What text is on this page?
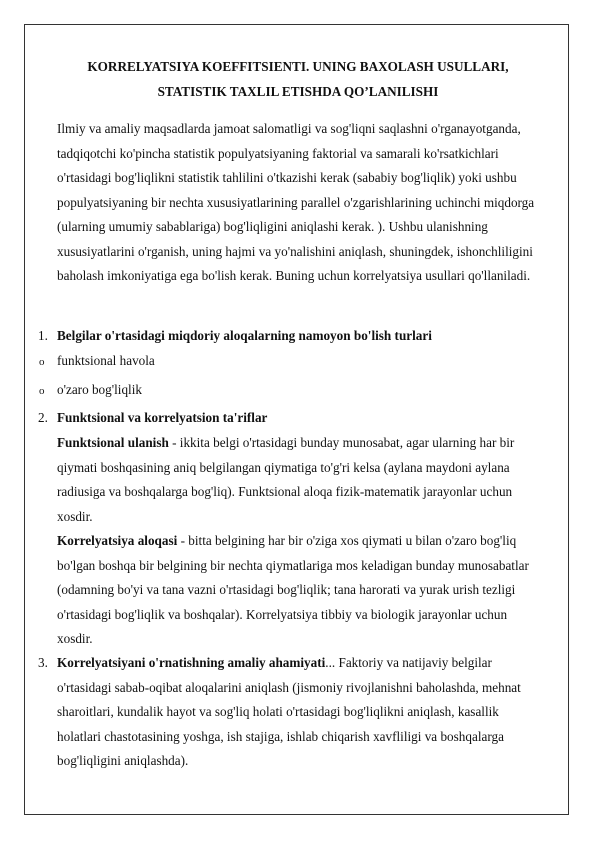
KORRELYATSIYA KOEFFITSIENTI. UNING BAXOLASH USULLARI,
STATISTIK TAXLIL ETISHDA QO’LANILISHI

Ilmiy va amaliy maqsadlarda jamoat salomatligi va sog'liqni saqlashni o'rganayotganda, tadqiqotchi ko'pincha statistik populyatsiyaning faktorial va samarali ko'rsatkichlari o'rtasidagi bog'liqlikni statistik tahlilini o'tkazishi kerak (sababiy bog'liqlik) yoki ushbu populyatsiyaning bir nechta xususiyatlarining parallel o'zgarishlarining uchinchi miqdorga (ularning umumiy sabablariga) bog'liqligini aniqlashi kerak. ). Ushbu ulanishning xususiyatlarini o'rganish, uning hajmi va yo'nalishini aniqlash, shuningdek, ishonchliligini baholash imkoniyatiga ega bo'lish kerak. Buning uchun korrelyatsiya usullari qo'llaniladi.

1. Belgilar o'rtasidagi miqdoriy aloqalarning namoyon bo'lish turlari

o funktsional havola

o o'zaro bog'liqlik

2. Funktsional va korrelyatsion ta'riflar

Funktsional ulanish - ikkita belgi o'rtasidagi bunday munosabat, agar ularning har bir qiymati boshqasining aniq belgilangan qiymatiga to'g'ri kelsa (aylana maydoni aylana radiusiga va boshqalarga bog'liq). Funktsional aloqa fizik-matematik jarayonlar uchun xosdir.

Korrelyatsiya aloqasi - bitta belgining har bir o'ziga xos qiymati u bilan o'zaro bog'liq bo'lgan boshqa bir belgining bir nechta qiymatlariga mos keladigan bunday munosabatlar (odamning bo'yi va tana vazni o'rtasidagi bog'liqlik; tana harorati va yurak urish tezligi o'rtasidagi bog'liqlik va boshqalar). Korrelyatsiya tibbiy va biologik jarayonlar uchun xosdir.

3. Korrelyatsiyani o'rnatishning amaliy ahamiyati... Faktoriy va natijaviy belgilar o'rtasidagi sabab-oqibat aloqalarini aniqlash (jismoniy rivojlanishni baholashda, mehnat sharoitlari, kundalik hayot va sog'liq holati o'rtasidagi bog'liqlikni aniqlash, kasallik holatlari chastotasining yoshga, ish stajiga, ishlab chiqarish xavfliligi va boshqalarga bog'liqligini aniqlashda).
